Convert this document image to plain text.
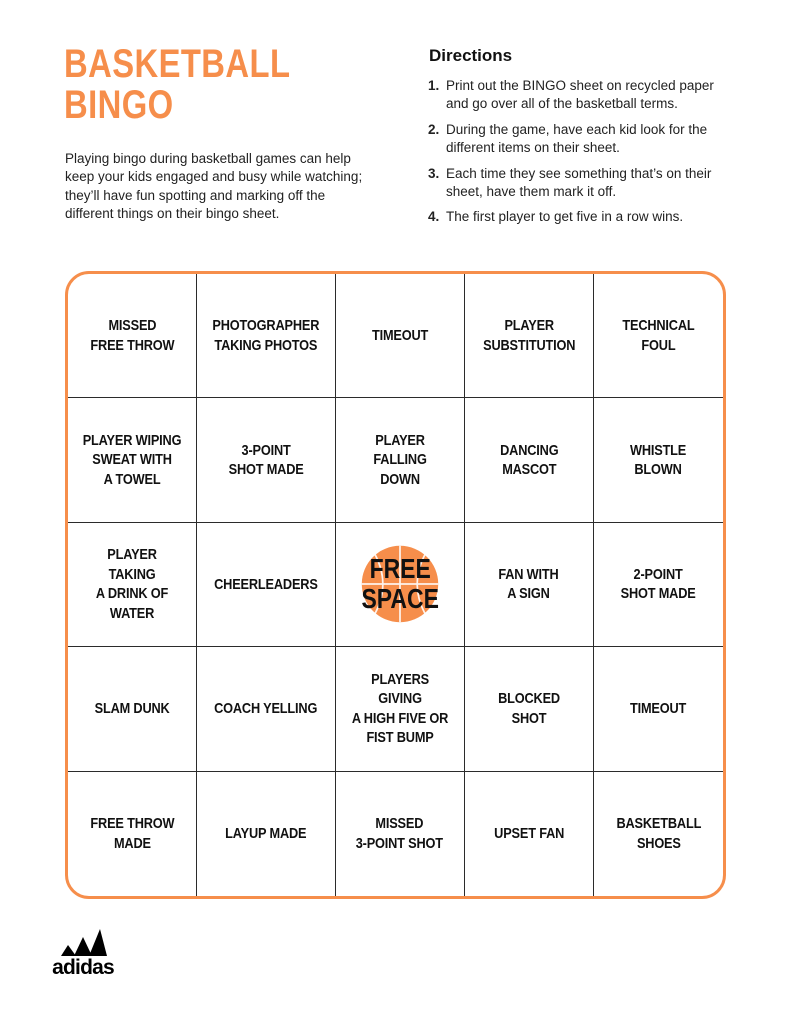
BASKETBALL
BINGO

Playing bingo during basketball games can help keep your kids engaged and busy while watching; they’ll have fun spotting and marking off the different things on their bingo sheet.

Directions
1. Print out the BINGO sheet on recycled paper and go over all of the basketball terms.
2. During the game, have each kid look for the different items on their sheet.
3. Each time they see something that’s on their sheet, have them mark it off.
4. The first player to get five in a row wins.
MISSED
FREE THROW
PHOTOGRAPHER
TAKING PHOTOS
TIMEOUT
PLAYER
SUBSTITUTION
TECHNICAL
FOUL
PLAYER WIPING
SWEAT WITH
A TOWEL
3-POINT
SHOT MADE
PLAYER FALLING
DOWN
DANCING
MASCOT
WHISTLE
BLOWN
PLAYER TAKING
A DRINK OF
WATER
CHEERLEADERS FREE
SPACE
FAN WITH
A SIGN
2-POINT
SHOT MADE
SLAM DUNK	COACH YELLING
PLAYERS GIVING
A HIGH FIVE OR
FIST BUMP
BLOCKED SHOT
TIMEOUT
FREE THROW
MADE
LAYUP MADE
MISSED
3-POINT SHOT
UPSET FAN
BASKETBALL
SHOES
adidas
